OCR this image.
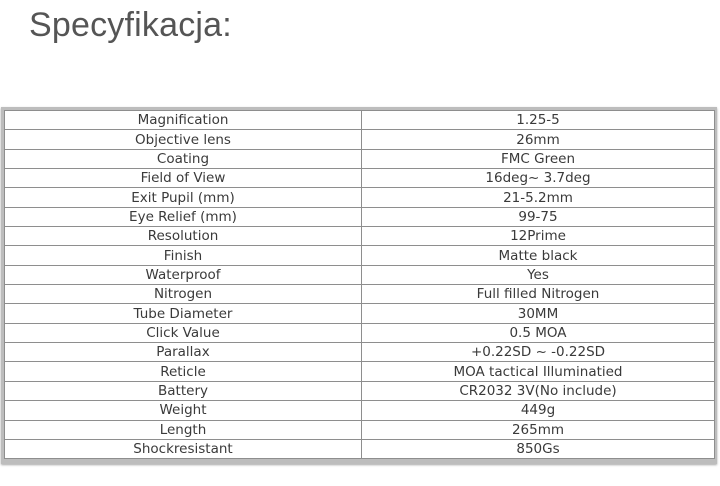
Specyfikacja:
Magnification	1.25-5
Objective lens	26mm
Coating	FMC Green
Field of View	16deg~ 3.7deg
Exit Pupil (mm)	21-5.2mm
Eye Relief (mm)	99-75
Resolution	12Prime
Finish	Matte black
Waterproof	Yes
Nitrogen	Full filled Nitrogen
Tube Diameter	30MM
Click Value	0.5 MOA
Parallax	+0.22SD ~ -0.22SD
Reticle	MOA tactical Illuminatied
Battery	CR2032 3V(No include)
Weight	449g
Length	265mm
Shockresistant	850Gs
